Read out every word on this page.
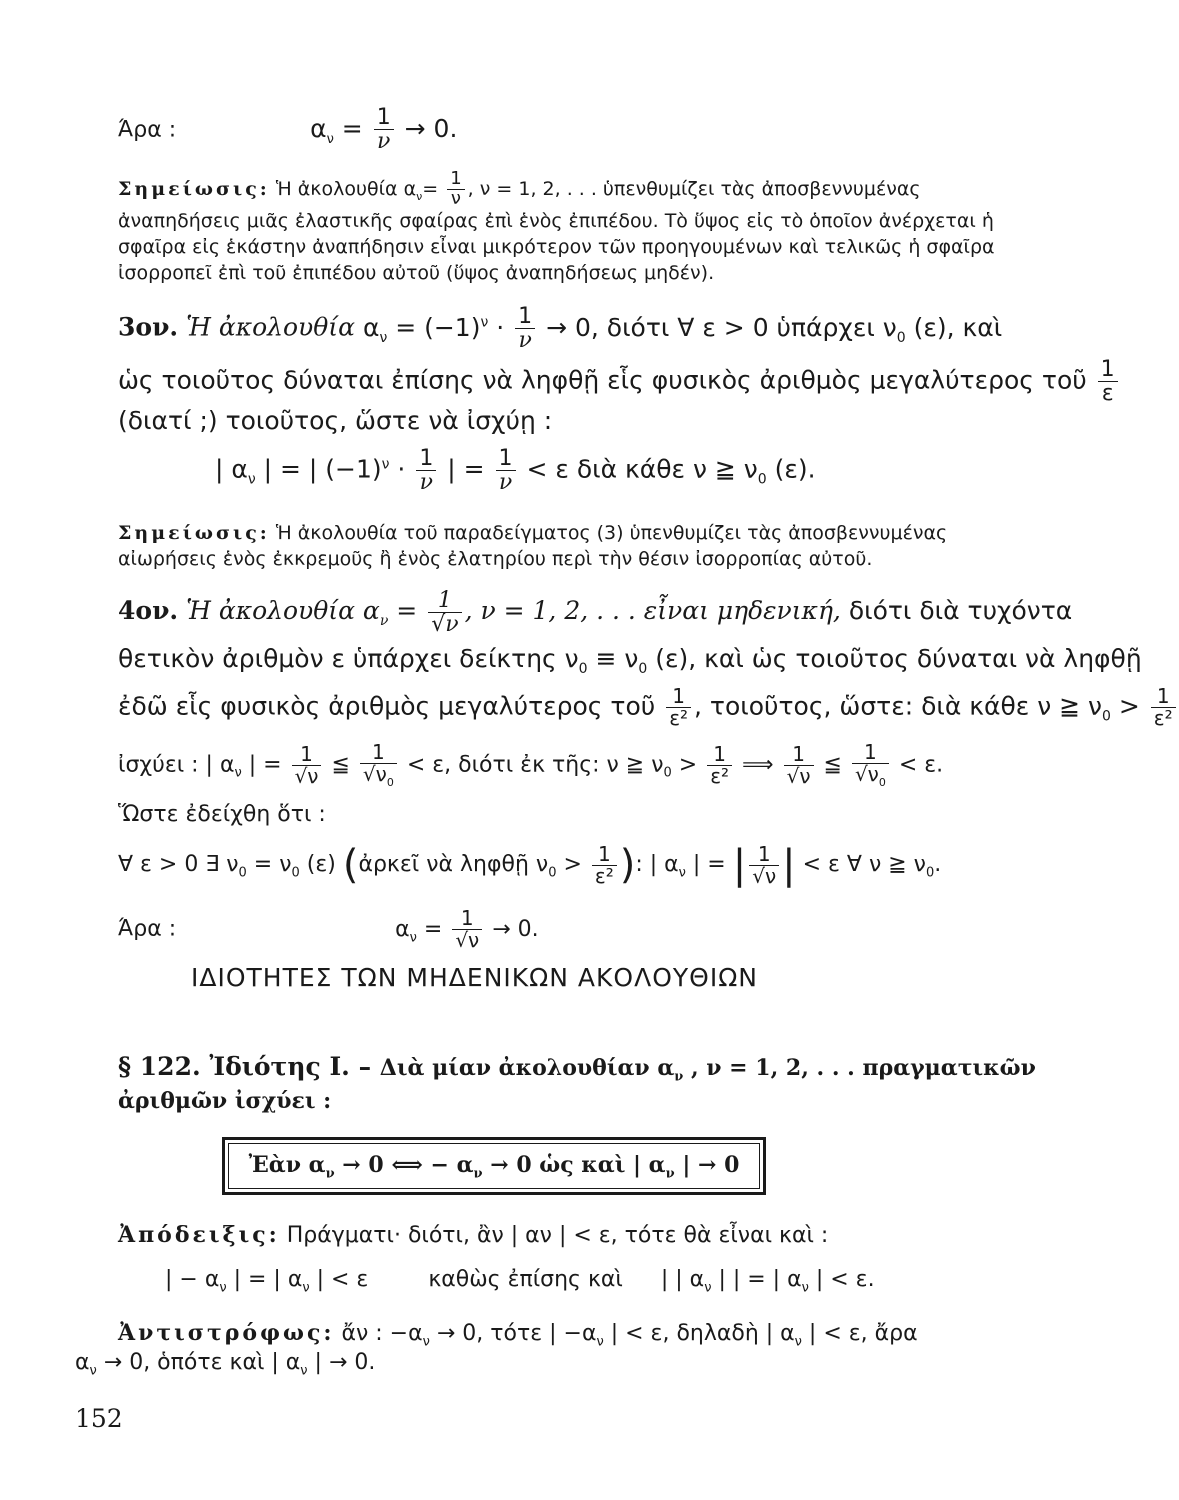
Άρα :	$\alpha_\nu = \frac{1}{\nu} \to 0$.
Σημείωσις: Ἡ ἀκολουθία $\alpha_\nu= \frac{1}{\nu}$ , ν = 1, 2, . . . ὑπενθυμίζει τὰς ἀποσβεννυμένας
ἀναπηδήσεις μιᾶς ἐλαστικῆς σφαίρας ἐπὶ ἑνὸς ἐπιπέδου. Τὸ ὕψος εἰς τὸ ὁποῖον ἀνέρχεται ἡ
σφαῖρα εἰς ἑκάστην ἀναπήδησιν εἶναι μικρότερον τῶν προηγουμένων καὶ τελικῶς ἡ σφαῖρα
ἰσορροπεῖ ἐπὶ τοῦ ἐπιπέδου αὐτοῦ (ὕψος ἀναπηδήσεως μηδέν).
3ον. Ἡ ἀκολουθία $\alpha_\nu = (-1)^\nu \cdot \frac{1}{\nu} \to 0$, διότι ∀ ε > 0 ὑπάρχει $\nu_0$ (ε), καὶ
ὡς τοιοῦτος δύναται ἐπίσης νὰ ληφθῇ εἷς φυσικὸς ἀριθμὸς μεγαλύτερος τοῦ $\frac{1}{\varepsilon}$
(διατί ;) τοιοῦτος, ὥστε νὰ ἰσχύῃ :
| $\alpha_\nu$ | = | $(-1)^\nu \cdot \frac{1}{\nu}$ | = $\frac{1}{\nu} < \varepsilon$ διὰ κάθε ν ≧ $\nu_0$ (ε).
Σημείωσις: Ἡ ἀκολουθία τοῦ παραδείγματος (3) ὑπενθυμίζει τὰς ἀποσβεννυμένας
αἰωρήσεις ἑνὸς ἐκκρεμοῦς ἢ ἑνὸς ἐλατηρίου περὶ τὴν θέσιν ἰσορροπίας αὐτοῦ.
4ον. Ἡ ἀκολουθία $\alpha_\nu = \frac{1}{√\nu}$ , ν = 1, 2, . . . εἶναι μηδενική, διότι διὰ τυχόντα
θετικὸν ἀριθμὸν ε ὑπάρχει δείκτης $\nu_0 \equiv \nu_0$ (ε), καὶ ὡς τοιοῦτος δύναται νὰ ληφθῇ
ἐδῶ εἷς φυσικὸς ἀριθμὸς μεγαλύτερος τοῦ $\frac{1}{\text{ε²}}$ , τοιοῦτος, ὥστε: διὰ κάθε ν ≧ $\nu_0 > \frac{1}{\text{ε²}}$
ἰσχύει : | $\alpha_\nu$ | = $\frac{1}{√\nu}$ ≦ $\frac{1}{√\nu_0} < \varepsilon$, διότι ἐκ τῆς: ν ≧ $\nu_0 > \frac{1}{\text{ε²}}$ ⟹ $\frac{1}{√\nu}$ ≦ $\frac{1}{√\nu_0} < \varepsilon$.
Ὥστε ἐδείχθη ὅτι :
∀ ε > 0 ∃ $\nu_0 = \nu_0$ (ε) (ἀρκεῖ νὰ ληφθῇ $\nu_0 > \frac{1}{\text{ε²}}$ ): | $\alpha_\nu$ | = | $\frac{1}{√\nu}$ | < ε ∀ ν ≧ $\nu_0$.
Άρα :	$\alpha_\nu = \frac{1}{√\nu} \to 0$.
ΙΔΙΟΤΗΤΕΣ ΤΩΝ ΜΗΔΕΝΙΚΩΝ ΑΚΟΛΟΥΘΙΩΝ
§ 122. Ἰδιότης Ι. – Διὰ μίαν ἀκολουθίαν $\alpha_\nu$ , ν = 1, 2, . . . πραγματικῶν
ἀριθμῶν ἰσχύει :
Ἐὰν $\alpha_\nu \to 0$ ⟺ − $\alpha_\nu \to 0$ ὡς καὶ | $\alpha_\nu$ | → 0
Ἀπόδειξις: Πράγματι· διότι, ἂν | αν | < ε, τότε θὰ εἶναι καὶ :
| − $\alpha_\nu$ | = | $\alpha_\nu$ | < ε	καθὼς ἐπίσης καὶ | | $\alpha_\nu$ | | = | $\alpha_\nu$ | < ε.
Ἀντιστρόφως: ἄν : $-\alpha_\nu \to 0$, τότε | $-\alpha_\nu$ | < ε, δηλαδὴ | $\alpha_\nu$ | < ε, ἄρα
$\alpha_\nu \to 0$, ὁπότε καὶ | $\alpha_\nu$ | → 0.
152
